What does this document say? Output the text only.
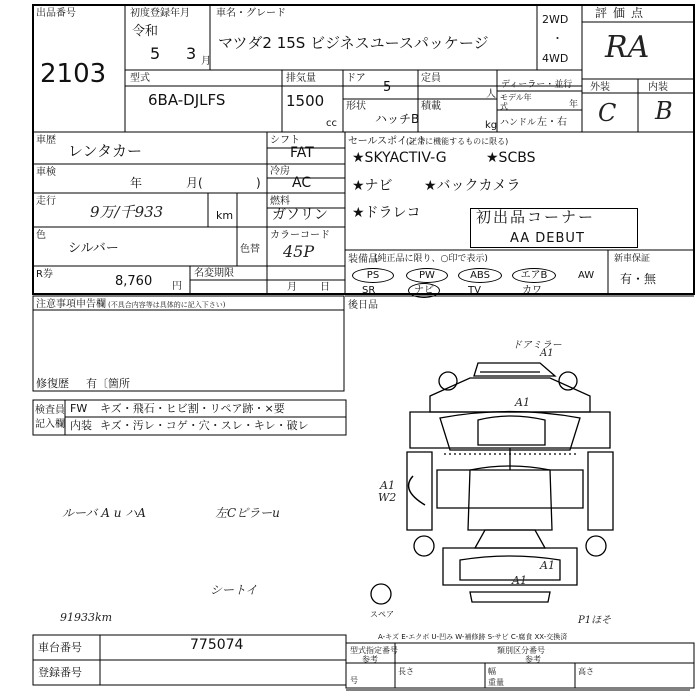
出品番号
2103
初度登録年月
令和
5 3 月
車名・グレード
マツダ2 15S ビジネスユースパッケージ
2WD
・
4WD
評価点
RA
外装	内装
C B
型式
6BA-DJLFS
排気量
1500
cc
ドア
5
定員
人
形状
ハッチB
積載
kg
ディーラー・並行
モデル年式	年
ハンドル 左・右
車歴
レンタカー
シフト
FAT
車検
年	月(	)
冷房
AC
走行
9万/千933	km
燃料
ガソリン
色
シルバー	色替
カラーコード
45P
R券	8,760 円
名変期限
月 日
セールスポイント
(正常に機能するものに限る)
★SKYACTIV-G	★SCBS
★ナビ ★バックカメラ
★ドラレコ	初出品コーナー
AA DEBUT
装備品
(純正品に限り、○印で表示)	新車保証
有・無
PS	PW	ABS	エアB	AW
SR	ナビ	TV	カワ
後日品
注意事項申告欄 (不具合内容等は具体的に記入下さい)
修復歴 有〔箇所
検査員
記入欄
FW キズ・飛石・ヒビ割・リペア跡・×要
内装 キズ・汚レ・コゲ・穴・スレ・キレ・破レ
ルーバ A u ハA	左Cピラーu
シートイ
91933km
ドアミラー
A1
A1
A1
W2
A1
A1
P1ほそ
スペア
A-キズ E-エクボ U-凹み W-補修跡 S-サビ C-腐食 XX-交換済
車台番号	775074
登録番号
型式指定番号
参考
類別区分番号
参考
長さ	幅	高さ
号	重量
